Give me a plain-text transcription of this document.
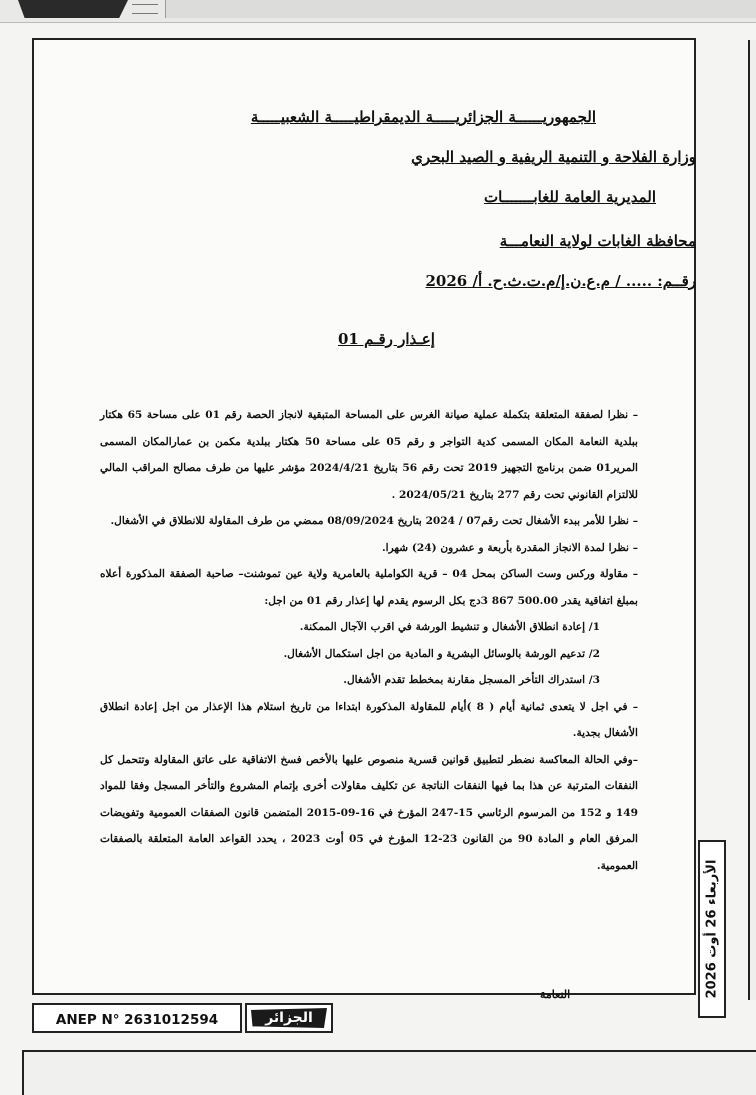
الجمهوريــــــة الجزائريـــــة الديمقراطيـــــة الشعبيـــــة

وزارة الفلاحة و التنمية الريفية و الصيد البحري

المديرية العامة للغابـــــــات

محافظة الغابات لولاية النعامـــة

رقــم: ..... / م.ع.ن.إ/م.ت.ث.ح. أ/ 2026

إعـذار رقـم 01

– نظرا لصفقة المتعلقة بتكملة عملية صيانة الغرس على المساحة المتبقية لانجاز الحصة رقم 01 على مساحة 65 هكتار ببلدية النعامة المكان المسمى كدية التواجر و رقم 05 على مساحة 50 هكتار ببلدية مكمن بن عمارالمكان المسمى المرير01 ضمن برنامج التجهيز 2019 تحت رقم 56 بتاريخ 2024/4/21 مؤشر عليها من طرف مصالح المراقب المالي للالتزام القانوني تحت رقم 277 بتاريخ 2024/05/21 .

– نظرا للأمر ببدء الأشغال تحت رقم07 / 2024 بتاريخ 08/09/2024 ممضي من طرف المقاولة للانطلاق في الأشغال.

– نظرا لمدة الانجاز المقدرة بأربعة و عشرون (24) شهرا.

– مقاولة وركس وست الساكن بمحل 04 – قرية الكواملية بالعامرية ولاية عين تموشنت– صاحبة الصفقة المذكورة أعلاه بمبلغ اتفاقية يقدر 500.00 867 3دج بكل الرسوم يقدم لها إعذار رقم 01 من اجل:

1/ إعادة انطلاق الأشغال و تنشيط الورشة في اقرب الآجال الممكنة.

2/ تدعيم الورشة بالوسائل البشرية و المادية من اجل استكمال الأشغال.

3/ استدراك التأخر المسجل مقارنة بمخطط تقدم الأشغال.

– في اجل لا يتعدى ثمانية أيام ( 8 )أيام للمقاولة المذكورة ابتداءا من تاريخ استلام هذا الإعذار من اجل إعادة انطلاق الأشغال بجدية.

–وفي الحالة المعاكسة نضطر لتطبيق قوانين قسرية منصوص عليها بالأخص فسخ الاتفاقية على عاتق المقاولة وتتحمل كل النفقات المترتبة عن هذا بما فيها النفقات الناتجة عن تكليف مقاولات أخرى بإتمام المشروع والتأخر المسجل وفقا للمواد 149 و 152 من المرسوم الرئاسي 15-247 المؤرخ في 16-09-2015 المتضمن قانون الصفقات العمومية وتفويضات المرفق العام و المادة 90 من القانون 23-12 المؤرخ في 05 أوت 2023 ، يحدد القواعد العامة المتعلقة بالصفقات العمومية.

النعامة	الأربعاء 26 أوت 2026
ANEP N° 2631012594	الجزائر
